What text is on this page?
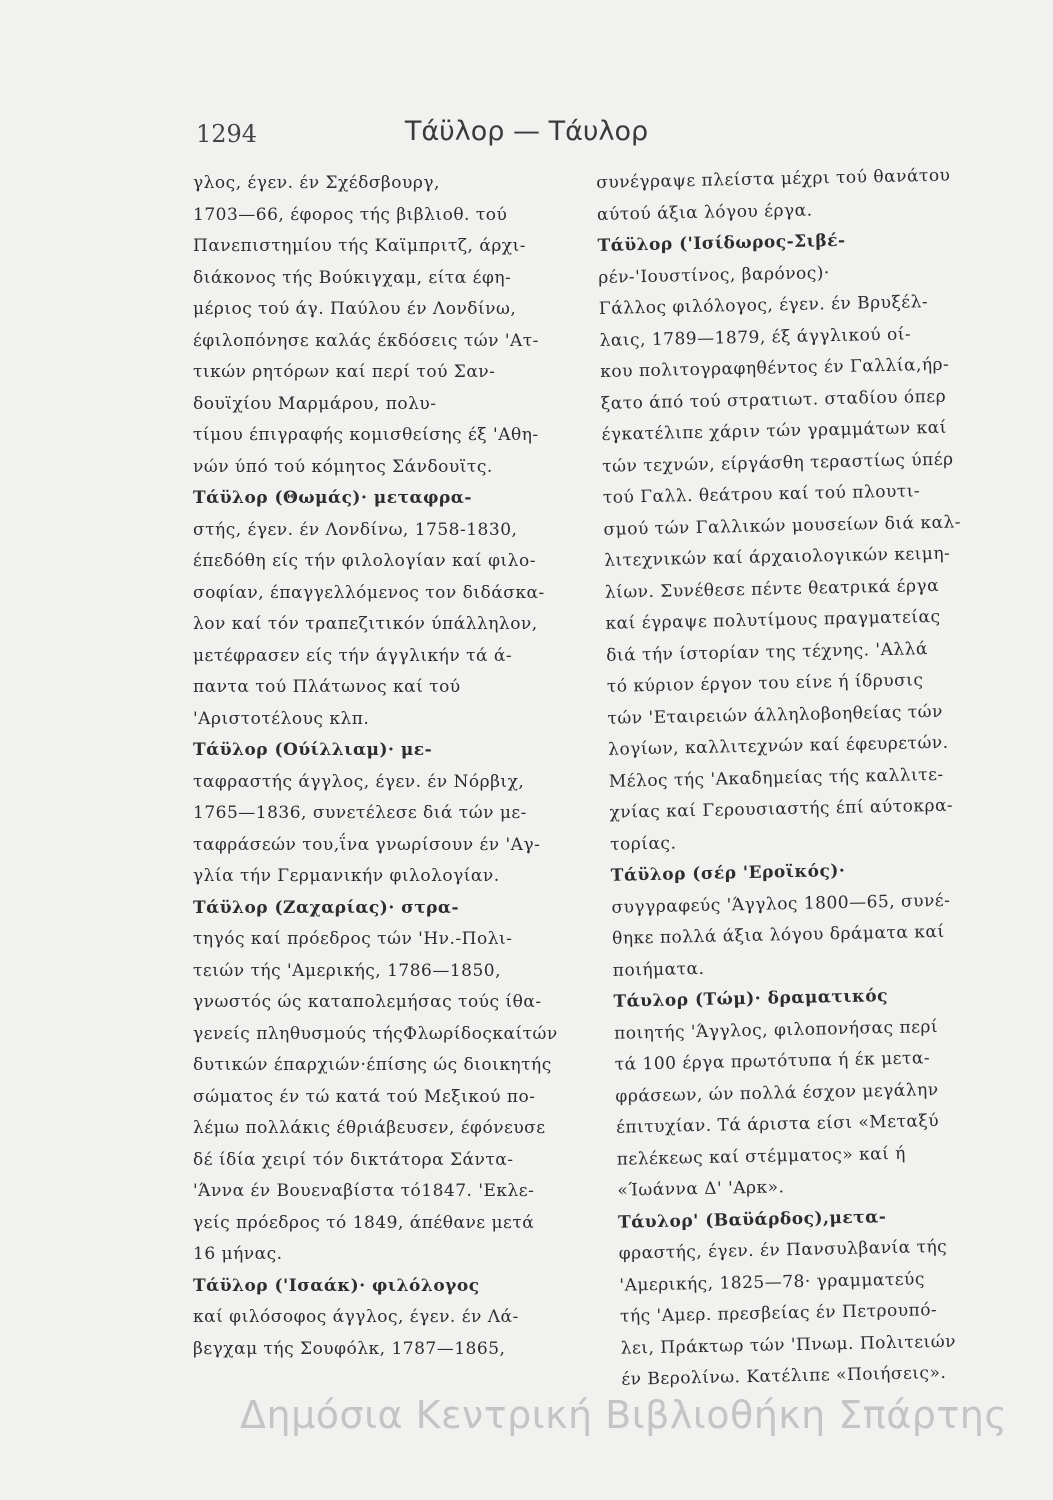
1294	Τάϋλορ — Τάυλορ
γλος, έγεν. έν Σχέδσβουργ,
1703—66, έφορος τής βιβλιοθ. τού
Πανεπιστημίου τής Καϊμπριτζ, άρχι-
διάκονος τής Βούκιγχαμ, είτα έφη-
μέριος τού άγ. Παύλου έν Λονδίνω,
έφιλοπόνησε καλάς έκδόσεις τών 'Ατ-
τικών ρητόρων καί περί τού Σαν-
δουϊχίου Μαρμάρου, πολυ-
τίμου έπιγραφής κομισθείσης έξ 'Αθη-
νών ύπό τού κόμητος Σάνδουϊτς.
Τάϋλορ (Θωμάς)· μεταφρα-
στής, έγεν. έν Λονδίνω, 1758-1830,
έπεδόθη είς τήν φιλολογίαν καί φιλο-
σοφίαν, έπαγγελλόμενος τον διδάσκα-
λον καί τόν τραπεζιτικόν ύπάλληλον,
μετέφρασεν είς τήν άγγλικήν τά ά-
παντα τού Πλάτωνος καί τού
'Αριστοτέλους κλπ.
Τάϋλορ (Ούίλλιαμ)· με-
ταφραστής άγγλος, έγεν. έν Νόρβιχ,
1765—1836, συνετέλεσε διά τών με-
ταφράσεών του,ΐνα γνωρίσουν έν 'Αγ-
γλία τήν Γερμανικήν φιλολογίαν.
Τάϋλορ (Ζαχαρίας)· στρα-
τηγός καί πρόεδρος τών 'Ην.-Πολι-
τειών τής 'Αμερικής, 1786—1850,
γνωστός ώς καταπολεμήσας τούς ίθα-
γενείς πληθυσμούς τήςΦλωρίδοςκαίτών
δυτικών έπαρχιών·έπίσης ώς διοικητής
σώματος έν τώ κατά τού Μεξικού πο-
λέμω πολλάκις έθριάβευσεν, έφόνευσε
δέ ίδία χειρί τόν δικτάτορα Σάντα-
'Άννα έν Βουεναβίστα τό1847. 'Εκλε-
γείς πρόεδρος τό 1849, άπέθανε μετά
16 μήνας.
Τάϋλορ ('Ισαάκ)· φιλόλογος
καί φιλόσοφος άγγλος, έγεν. έν Λά-
βεγχαμ τής Σουφόλκ, 1787—1865,
συνέγραψε πλείστα μέχρι τού θανάτου
αύτού άξια λόγου έργα.
Τάϋλορ ('Ισίδωρος-Σιβέ-
ρέν-'Ιουστίνος, βαρόνος)·
Γάλλος φιλόλογος, έγεν. έν Βρυξέλ-
λαις, 1789—1879, έξ άγγλικού οί-
κου πολιτογραφηθέντος έν Γαλλία,ήρ-
ξατο άπό τού στρατιωτ. σταδίου όπερ
έγκατέλιπε χάριν τών γραμμάτων καί
τών τεχνών, είργάσθη τεραστίως ύπέρ
τού Γαλλ. θεάτρου καί τού πλουτι-
σμού τών Γαλλικών μουσείων διά καλ-
λιτεχνικών καί άρχαιολογικών κειμη-
λίων. Συνέθεσε πέντε θεατρικά έργα
καί έγραψε πολυτίμους πραγματείας
διά τήν ίστορίαν της τέχνης. 'Αλλά
τό κύριον έργον του είνε ή ίδρυσις
τών 'Εταιρειών άλληλοβοηθείας τών
λογίων, καλλιτεχνών καί έφευρετών.
Μέλος τής 'Ακαδημείας τής καλλιτε-
χνίας καί Γερουσιαστής έπί αύτοκρα-
τορίας.
Τάϋλορ (σέρ 'Εροϊκός)·
συγγραφεύς 'Άγγλος 1800—65, συνέ-
θηκε πολλά άξια λόγου δράματα καί
ποιήματα.
Τάυλορ (Τώμ)· δραματικός
ποιητής 'Άγγλος, φιλοπονήσας περί
τά 100 έργα πρωτότυπα ή έκ μετα-
φράσεων, ών πολλά έσχον μεγάλην
έπιτυχίαν. Τά άριστα είσι «Μεταξύ
πελέκεως καί στέμματος» καί ή
«Ίωάννα Δ' 'Αρκ».
Τάυλορ' (Βαϋάρδος),μετα-
φραστής, έγεν. έν Πανσυλβανία τής
'Αμερικής, 1825—78· γραμματεύς
τής 'Αμερ. πρεσβείας έν Πετρουπό-
λει, Πράκτωρ τών 'Πνωμ. Πολιτειών
έν Βερολίνω. Κατέλιπε «Ποιήσεις».
Δημόσια Κεντρική Βιβλιοθήκη Σπάρτης
